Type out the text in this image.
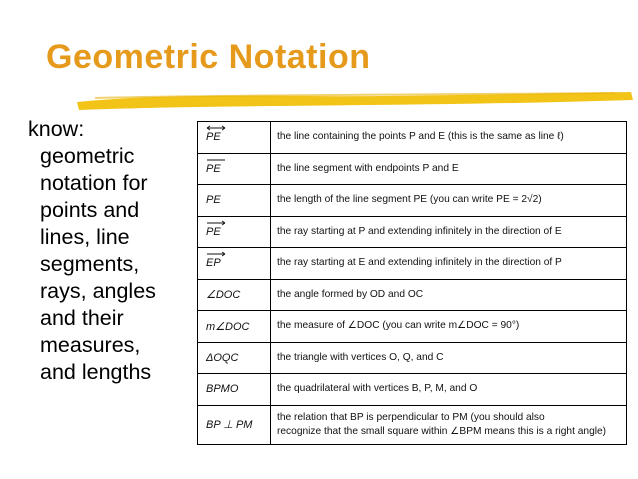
Geometric Notation
know:
geometric
notation for
points and
lines, line
segments,
rays, angles
and their
measures,
and lengths
PE	the line containing the points P and E (this is the same as line ℓ)
PE	the line segment with endpoints P and E
PE	the length of the line segment PE (you can write PE = 2√2)
PE	the ray starting at P and extending infinitely in the direction of E
EP	the ray starting at E and extending infinitely in the direction of P
∠DOC	the angle formed by OD and OC
m∠DOC	the measure of ∠DOC (you can write m∠DOC = 90°)
ΔOQC	the triangle with vertices O, Q, and C
BPMO	the quadrilateral with vertices B, P, M, and O
BP ⊥ PM	the relation that BP is perpendicular to PM (you should also
recognize that the small square within ∠BPM means this is a right angle)
